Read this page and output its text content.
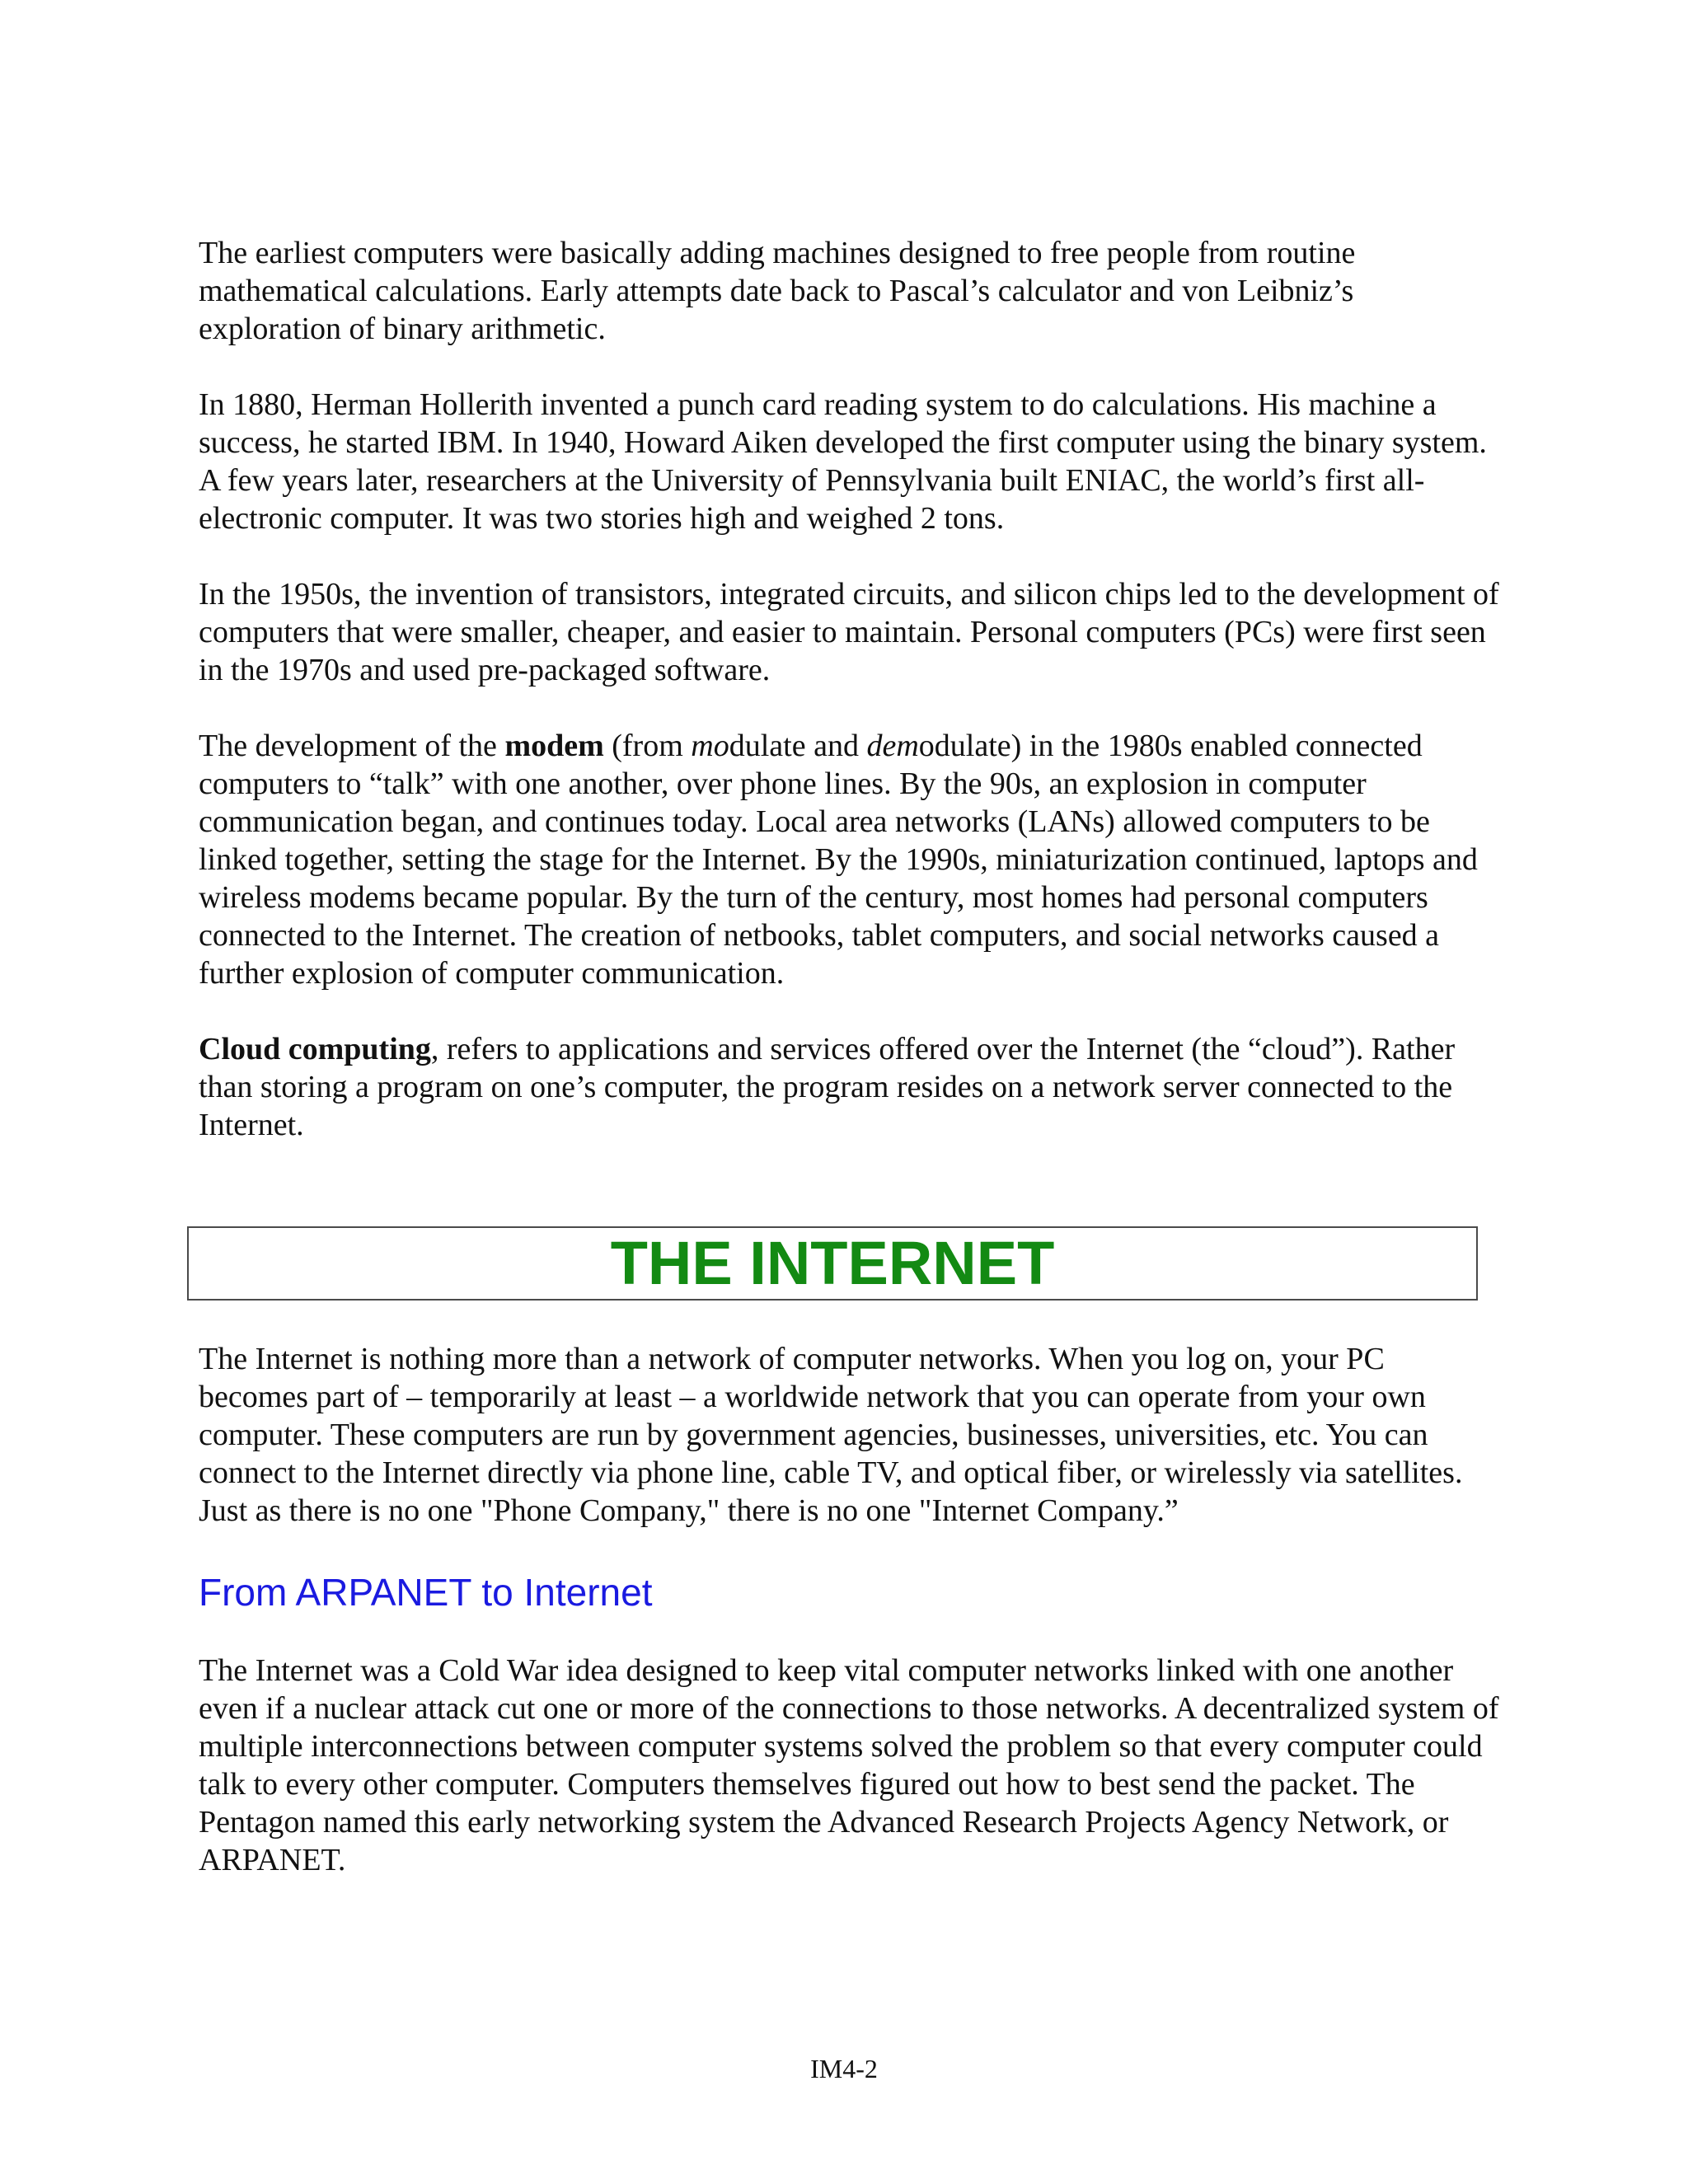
The earliest computers were basically adding machines designed to free people from routine mathematical calculations. Early attempts date back to Pascal’s calculator and von Leibniz’s exploration of binary arithmetic.

In 1880, Herman Hollerith invented a punch card reading system to do calculations. His machine a success, he started IBM. In 1940, Howard Aiken developed the first computer using the binary system. A few years later, researchers at the University of Pennsylvania built ENIAC, the world’s first all-electronic computer. It was two stories high and weighed 2 tons.

In the 1950s, the invention of transistors, integrated circuits, and silicon chips led to the development of computers that were smaller, cheaper, and easier to maintain. Personal computers (PCs) were first seen in the 1970s and used pre-packaged software.

The development of the modem (from modulate and demodulate) in the 1980s enabled connected computers to “talk” with one another, over phone lines. By the 90s, an explosion in computer communication began, and continues today. Local area networks (LANs) allowed computers to be linked together, setting the stage for the Internet. By the 1990s, miniaturization continued, laptops and wireless modems became popular. By the turn of the century, most homes had personal computers connected to the Internet. The creation of netbooks, tablet computers, and social networks caused a further explosion of computer communication.

Cloud computing, refers to applications and services offered over the Internet (the “cloud”). Rather than storing a program on one’s computer, the program resides on a network server connected to the Internet.

THE INTERNET

The Internet is nothing more than a network of computer networks. When you log on, your PC becomes part of – temporarily at least – a worldwide network that you can operate from your own computer. These computers are run by government agencies, businesses, universities, etc. You can connect to the Internet directly via phone line, cable TV, and optical fiber, or wirelessly via satellites. Just as there is no one "Phone Company," there is no one "Internet Company.”

From ARPANET to Internet

The Internet was a Cold War idea designed to keep vital computer networks linked with one another even if a nuclear attack cut one or more of the connections to those networks. A decentralized system of multiple interconnections between computer systems solved the problem so that every computer could talk to every other computer. Computers themselves figured out how to best send the packet. The Pentagon named this early networking system the Advanced Research Projects Agency Network, or ARPANET.

IM4-2
